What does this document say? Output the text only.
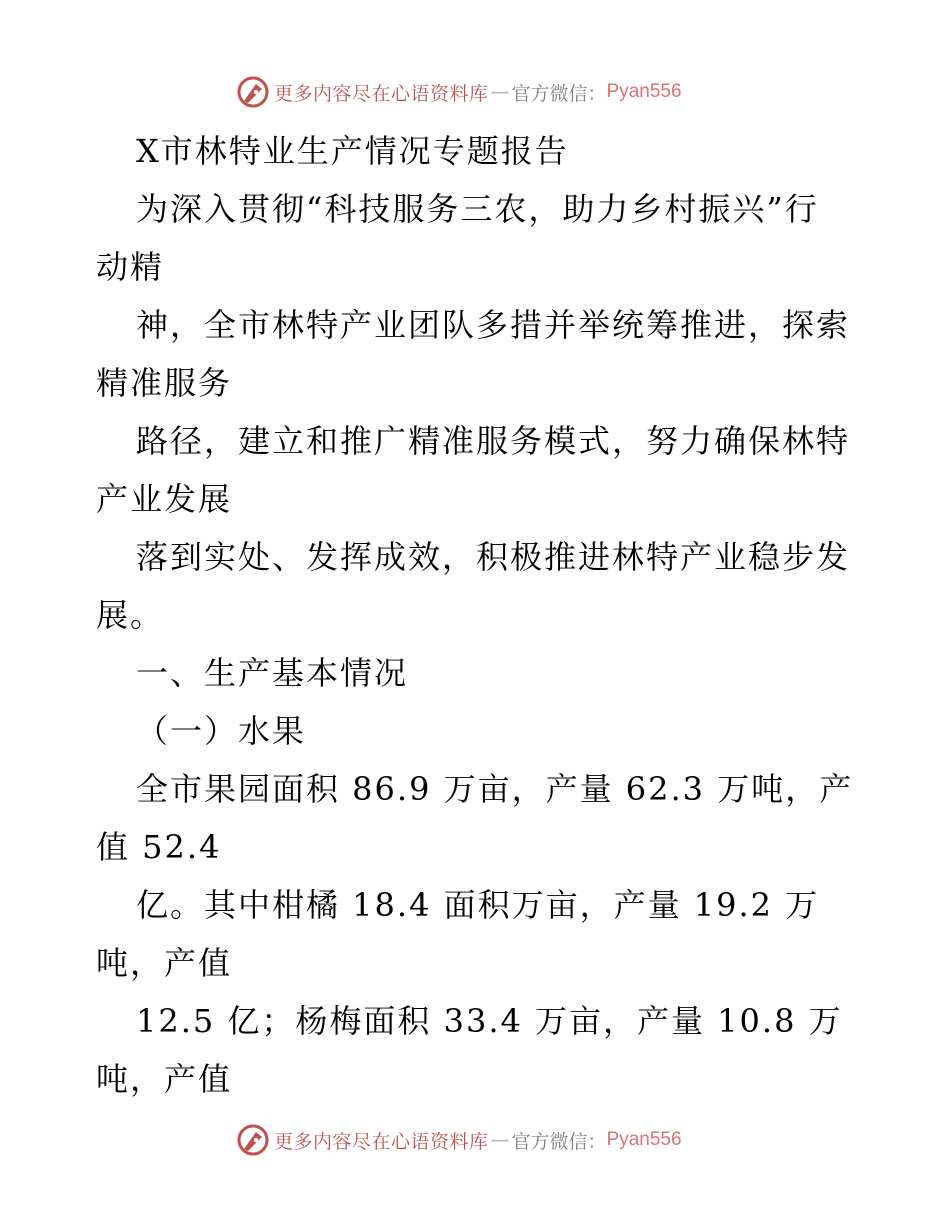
更多内容尽在心语资料库 — 官方微信： Pyan556
X市林特业生产情况专题报告
为深入贯彻“科技服务三农，助力乡村振兴”行
动精
神，全市林特产业团队多措并举统筹推进，探索
精准服务
路径，建立和推广精准服务模式，努力确保林特
产业发展
落到实处、发挥成效，积极推进林特产业稳步发
展。
一、生产基本情况
（一）水果
全市果园面积 86.9 万亩，产量 62.3 万吨，产
值 52.4
亿。其中柑橘 18.4 面积万亩，产量 19.2 万
吨，产值
12.5 亿；杨梅面积 33.4 万亩，产量 10.8 万
吨，产值
更多内容尽在心语资料库 — 官方微信： Pyan556
